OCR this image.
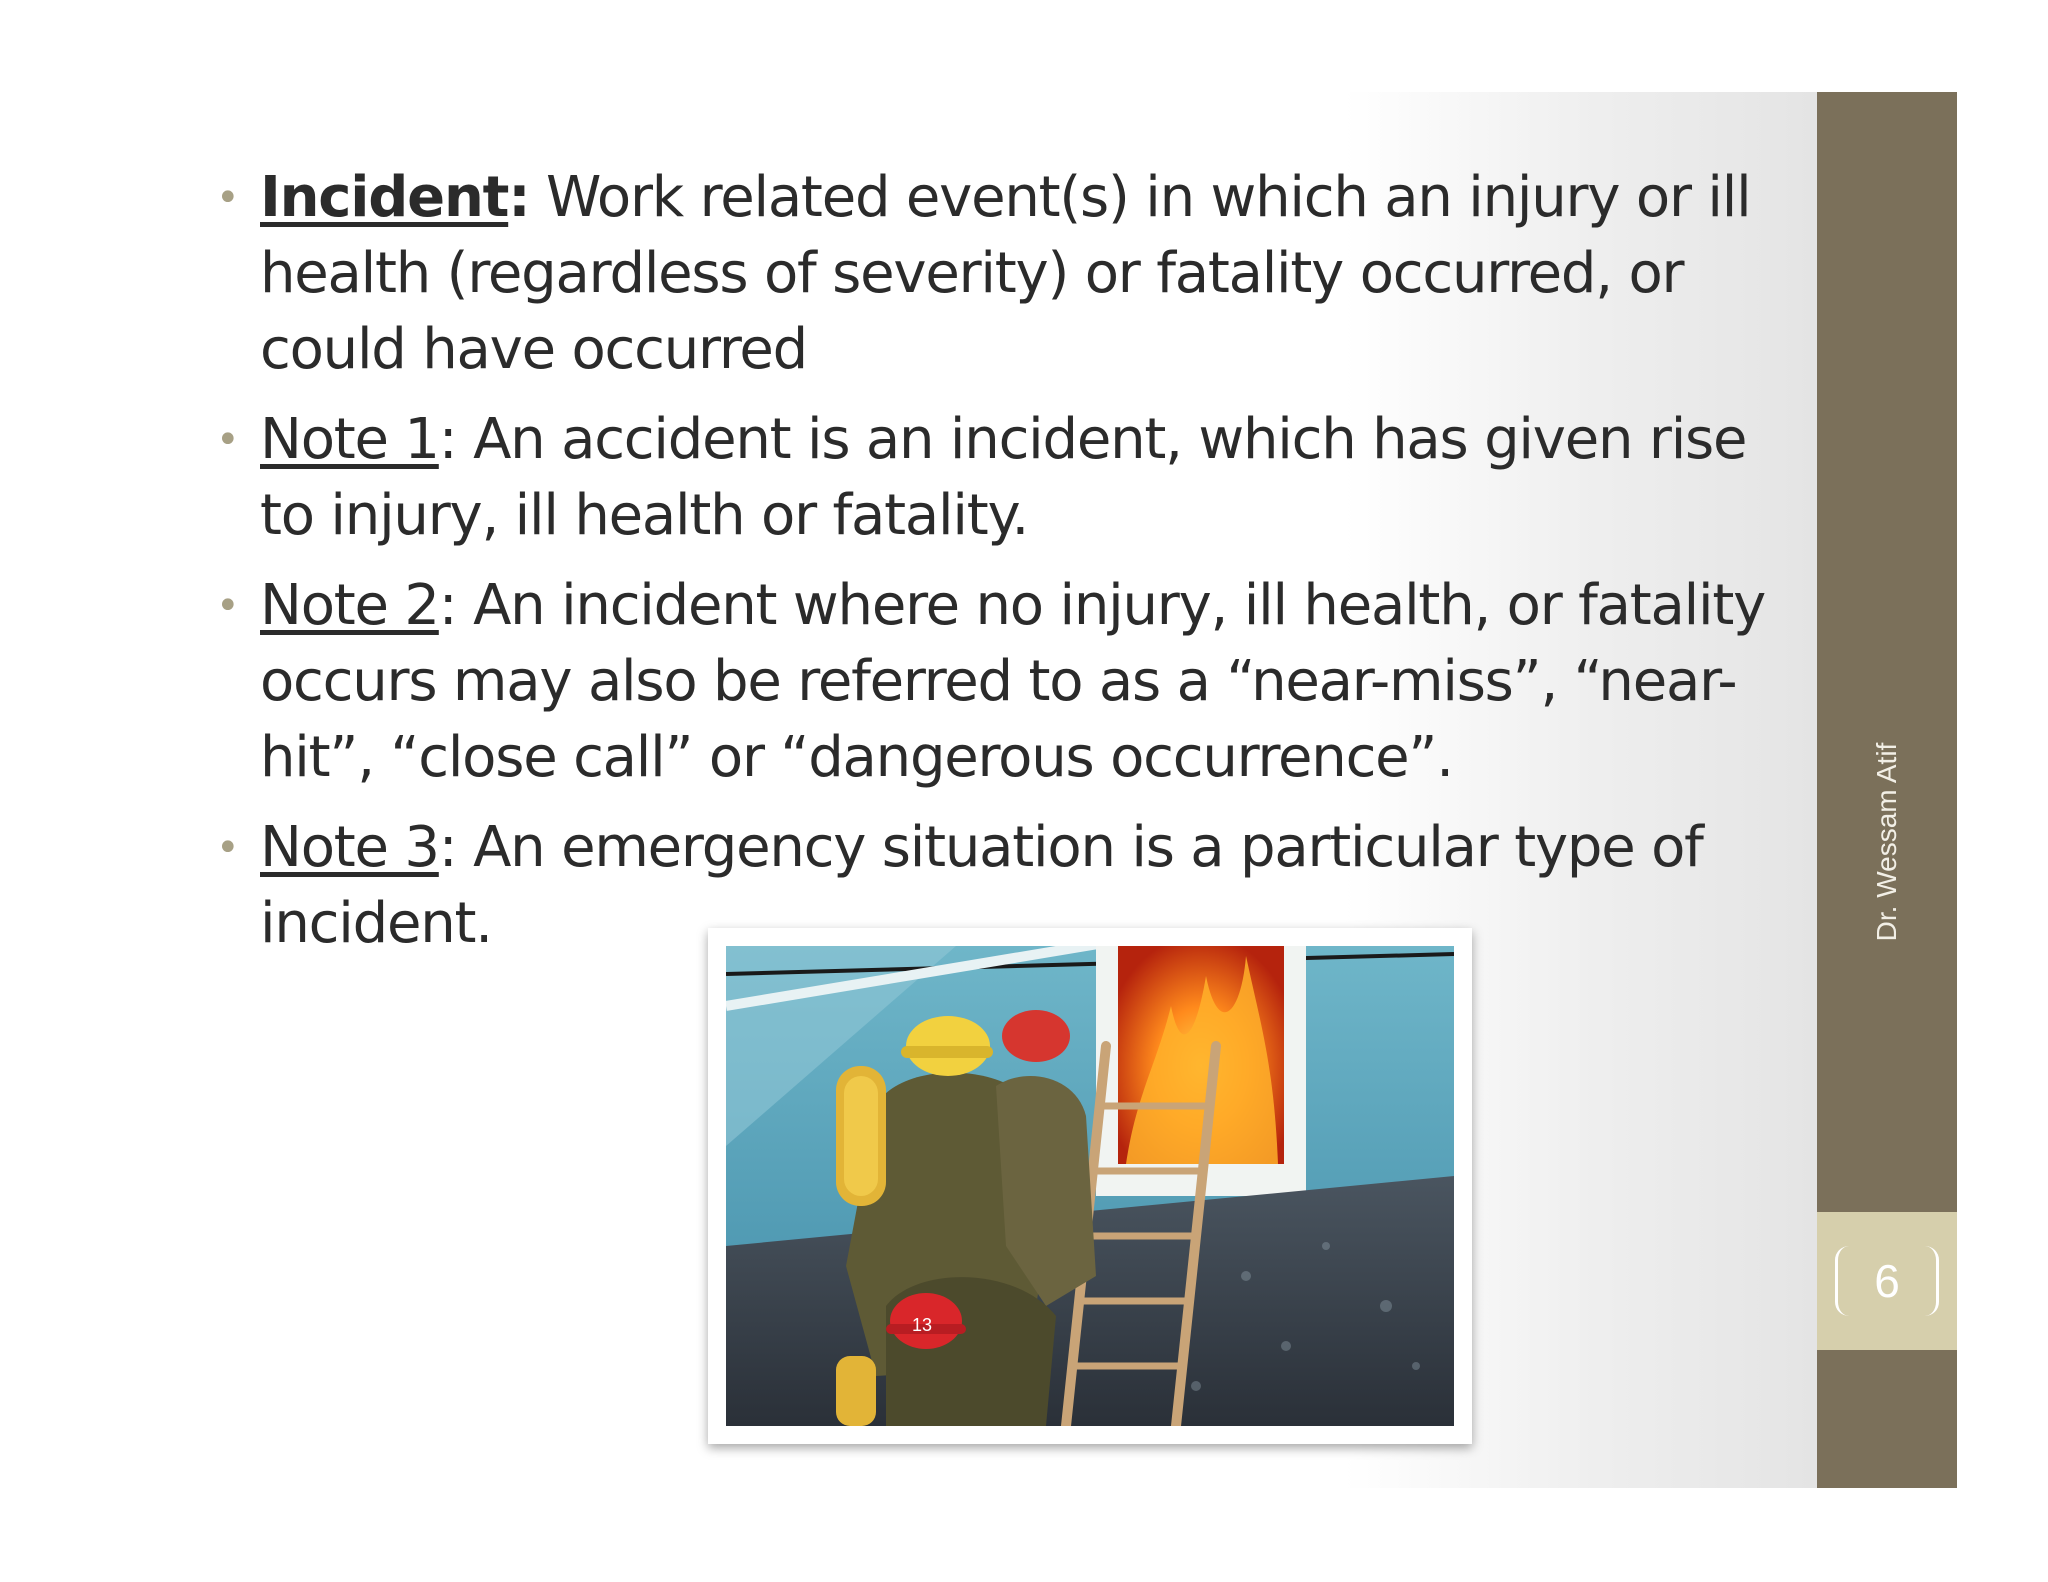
Dr. Wessam Atif
6
• Incident: Work related event(s) in which an injury or ill health (regardless of severity) or fatality occurred, or could have occurred
• Note 1: An accident is an incident, which has given rise to injury, ill health or fatality.
• Note 2: An incident where no injury, ill health, or fatality occurs may also be referred to as a “near-miss”, “near-hit”, “close call” or “dangerous occurrence”.
• Note 3: An emergency situation is a particular type of incident.
13
